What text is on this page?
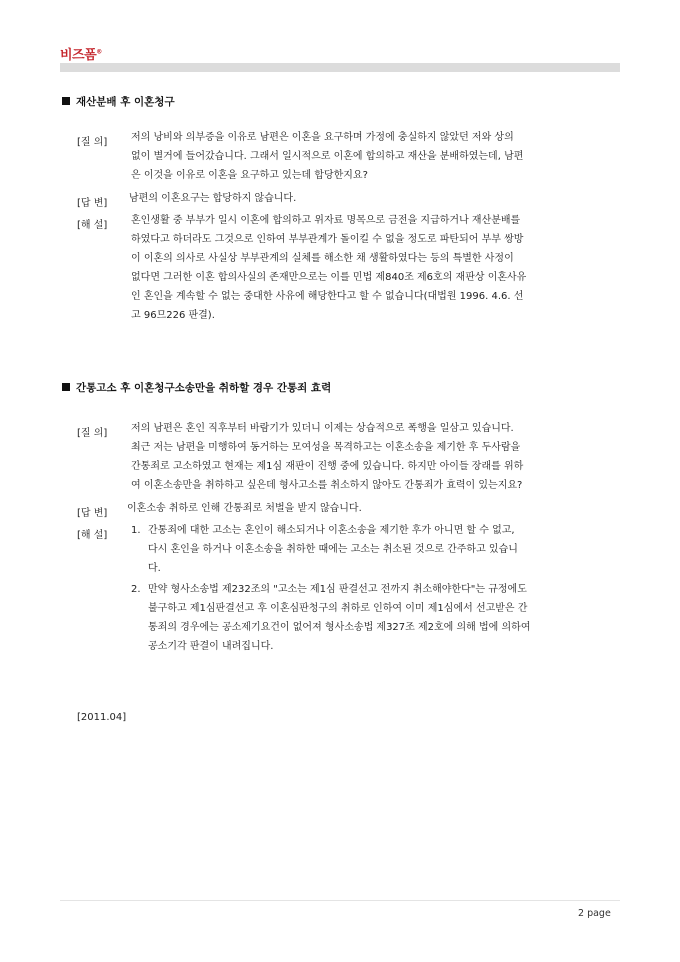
비즈폼®
재산분배 후 이혼청구
[질 의] 저의 낭비와 의부증을 이유로 남편은 이혼을 요구하며 가정에 충실하지 않았던 저와 상의
없이 별거에 들어갔습니다. 그래서 일시적으로 이혼에 합의하고 재산을 분배하였는데, 남편
은 이것을 이유로 이혼을 요구하고 있는데 합당한지요?
[답 변] 남편의 이혼요구는 합당하지 않습니다.
[해 설] 혼인생활 중 부부가 일시 이혼에 합의하고 위자료 명목으로 금전을 지급하거나 재산분배를
하였다고 하더라도 그것으로 인하여 부부관계가 돌이킬 수 없을 정도로 파탄되어 부부 쌍방
이 이혼의 의사로 사실상 부부관계의 실체를 해소한 채 생활하였다는 등의 특별한 사정이
없다면 그러한 이혼 합의사실의 존재만으로는 이를 민법 제840조 제6호의 재판상 이혼사유
인 혼인을 계속할 수 없는 중대한 사유에 해당한다고 할 수 없습니다(대법원 1996. 4.6. 선
고 96므226 판결).
간통고소 후 이혼청구소송만을 취하할 경우 간통죄 효력
[질 의] 저의 남편은 혼인 직후부터 바람기가 있더니 이제는 상습적으로 폭행을 일삼고 있습니다.
최근 저는 남편을 미행하여 동거하는 모여성을 목격하고는 이혼소송을 제기한 후 두사람을
간통죄로 고소하였고 현재는 제1심 재판이 진행 중에 있습니다. 하지만 아이들 장래를 위하
여 이혼소송만을 취하하고 싶은데 형사고소를 취소하지 않아도 간통죄가 효력이 있는지요?
[답 변] 이혼소송 취하로 인해 간통죄로 처벌을 받지 않습니다.
[해 설] 1. 간통죄에 대한 고소는 혼인이 해소되거나 이혼소송을 제기한 후가 아니면 할 수 없고,
다시 혼인을 하거나 이혼소송을 취하한 때에는 고소는 취소된 것으로 간주하고 있습니
다.
2. 만약 형사소송법 제232조의 "고소는 제1심 판결선고 전까지 취소해야한다"는 규정에도
불구하고 제1심판결선고 후 이혼심판청구의 취하로 인하여 이미 제1심에서 선고받은 간
통죄의 경우에는 공소제기요건이 없어져 형사소송법 제327조 제2호에 의해 법에 의하여
공소기각 판결이 내려집니다.
[2011.04]
2 page
